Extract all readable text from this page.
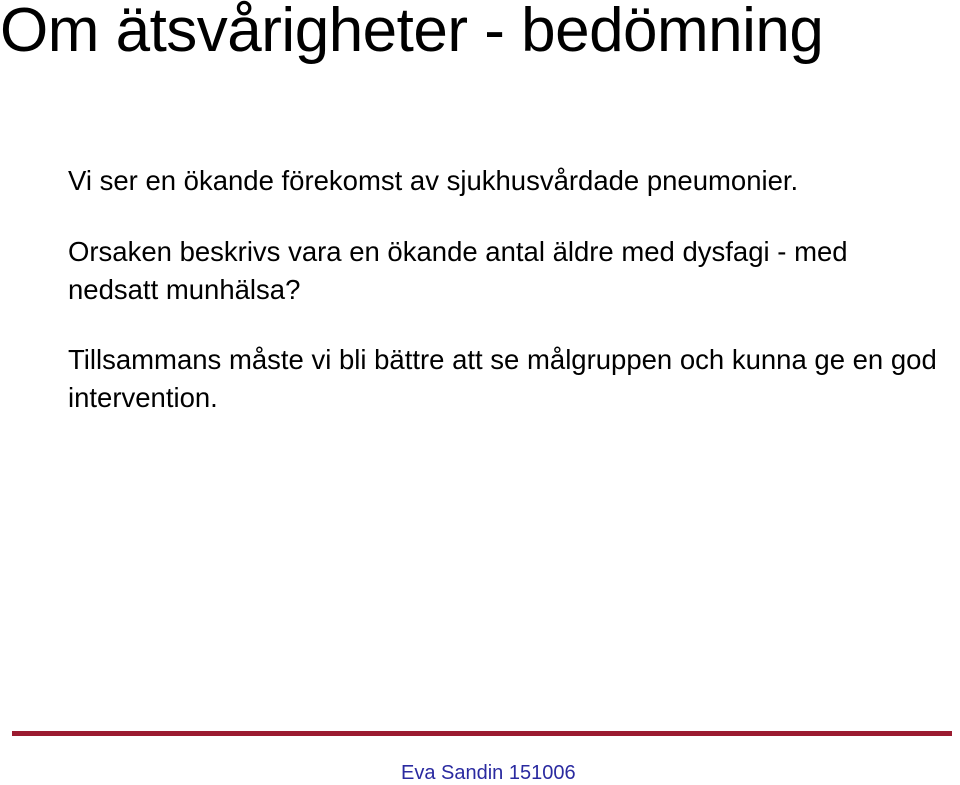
Om ätsvårigheter - bedömning

Vi ser en ökande förekomst av sjukhusvårdade pneumonier.

Orsaken beskrivs vara en ökande antal äldre med dysfagi - med nedsatt munhälsa?

Tillsammans måste vi bli bättre att se målgruppen och kunna ge en god intervention.

Eva Sandin 151006
